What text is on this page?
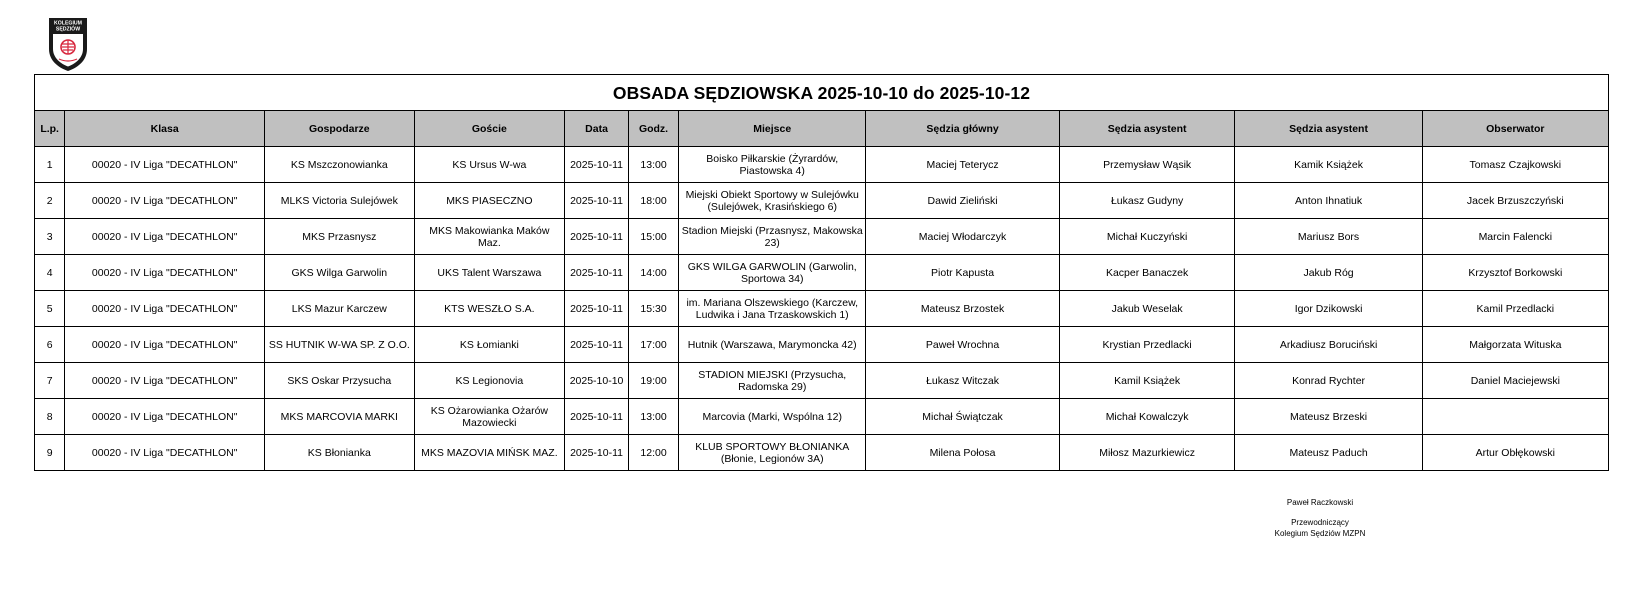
KOLEGIUM
SĘDZIÓW
OBSADA SĘDZIOWSKA 2025-10-10 do 2025-10-12										
L.p.	Klasa	Gospodarze	Goście	Data	Godz.	Miejsce	Sędzia główny	Sędzia asystent	Sędzia asystent	Obserwator
1	00020 - IV Liga "DECATHLON"	KS Mszczonowianka	KS Ursus W-wa	2025-10-11	13:00	Boisko Piłkarskie (Żyrardów, Piastowska 4)	Maciej Teterycz	Przemysław Wąsik	Kamik Książek	Tomasz Czajkowski
2	00020 - IV Liga "DECATHLON"	MLKS Victoria Sulejówek	MKS PIASECZNO	2025-10-11	18:00	Miejski Obiekt Sportowy w Sulejówku (Sulejówek, Krasińskiego 6)	Dawid Zieliński	Łukasz Gudyny	Anton Ihnatiuk	Jacek Brzuszczyński
3	00020 - IV Liga "DECATHLON"	MKS Przasnysz	MKS Makowianka Maków Maz.	2025-10-11	15:00	Stadion Miejski (Przasnysz, Makowska 23)	Maciej Włodarczyk	Michał Kuczyński	Mariusz Bors	Marcin Falencki
4	00020 - IV Liga "DECATHLON"	GKS Wilga Garwolin	UKS Talent Warszawa	2025-10-11	14:00	GKS WILGA GARWOLIN (Garwolin, Sportowa 34)	Piotr Kapusta	Kacper Banaczek	Jakub Róg	Krzysztof Borkowski
5	00020 - IV Liga "DECATHLON"	LKS Mazur Karczew	KTS WESZŁO S.A.	2025-10-11	15:30	im. Mariana Olszewskiego (Karczew, Ludwika i Jana Trzaskowskich 1)	Mateusz Brzostek	Jakub Weselak	Igor Dzikowski	Kamil Przedlacki
6	00020 - IV Liga "DECATHLON"	SS HUTNIK W-WA SP. Z O.O.	KS Łomianki	2025-10-11	17:00	Hutnik (Warszawa, Marymoncka 42)	Paweł Wrochna	Krystian Przedlacki	Arkadiusz Boruciński	Małgorzata Wituska
7	00020 - IV Liga "DECATHLON"	SKS Oskar Przysucha	KS Legionovia	2025-10-10	19:00	STADION MIEJSKI (Przysucha, Radomska 29)	Łukasz Witczak	Kamil Książek	Konrad Rychter	Daniel Maciejewski
8	00020 - IV Liga "DECATHLON"	MKS MARCOVIA MARKI	KS Ożarowianka Ożarów Mazowiecki	2025-10-11	13:00	Marcovia (Marki, Wspólna 12)	Michał Świątczak	Michał Kowalczyk	Mateusz Brzeski	
9	00020 - IV Liga "DECATHLON"	KS Błonianka	MKS MAZOVIA MIŃSK MAZ.	2025-10-11	12:00	KLUB SPORTOWY BŁONIANKA (Błonie, Legionów 3A)	Milena Połosa	Miłosz Mazurkiewicz	Mateusz Paduch	Artur Obłękowski
Paweł Raczkowski
Przewodniczący
Kolegium Sędziów MZPN
